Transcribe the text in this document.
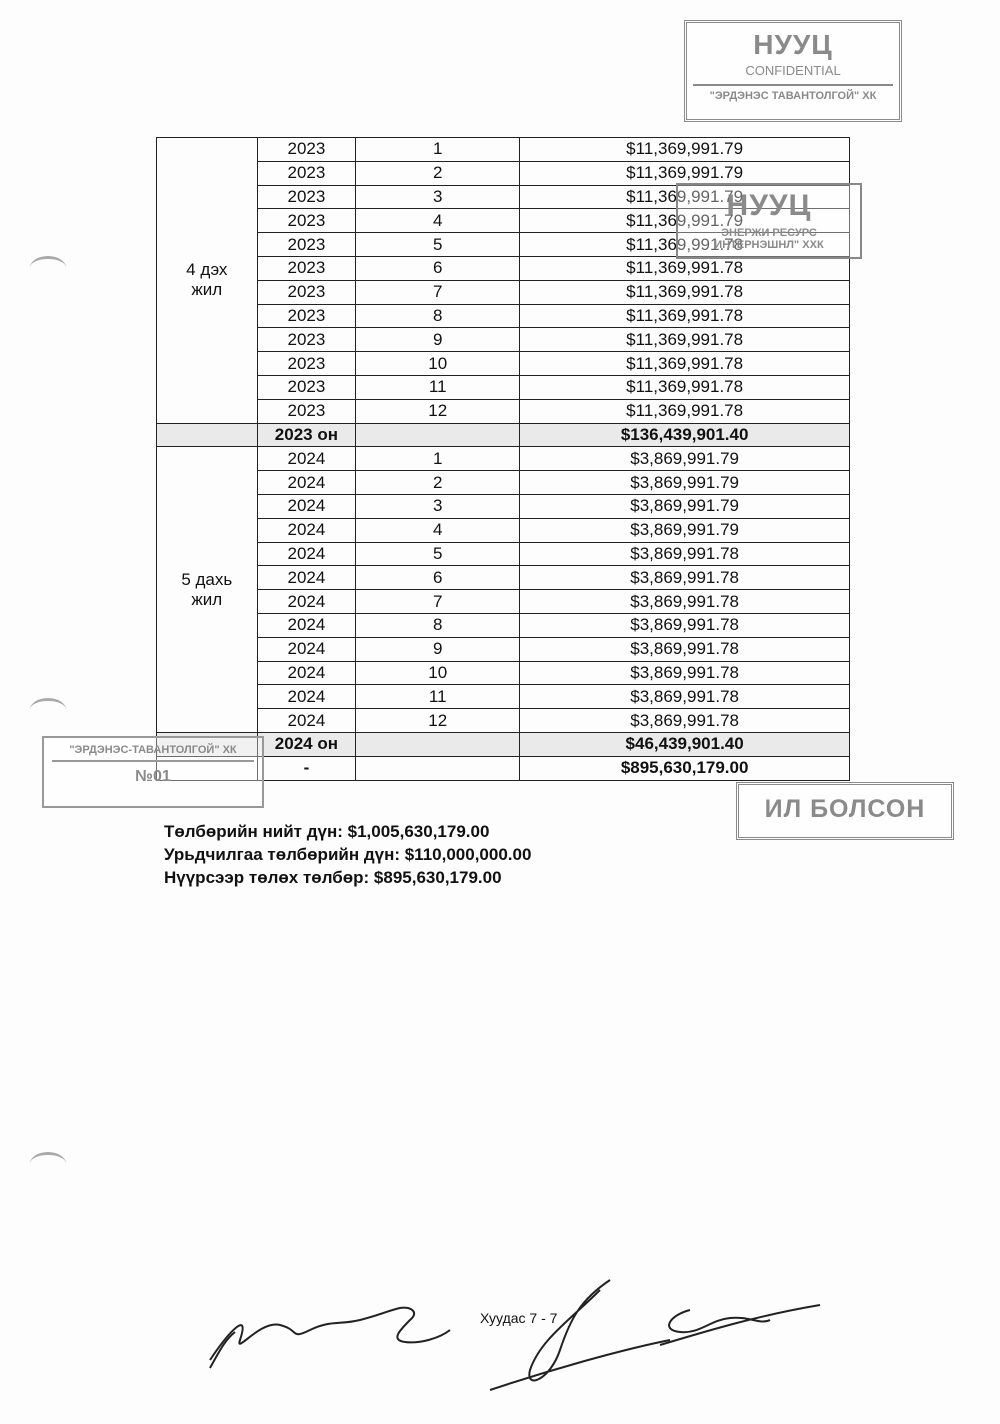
4 дэх
жил	2023	1	$11,369,991.79
	2023	2	$11,369,991.79
	2023	3	$11,369,991.79
	2023	4	$11,369,991.79
	2023	5	$11,369,991.78
	2023	6	$11,369,991.78
	2023	7	$11,369,991.78
	2023	8	$11,369,991.78
	2023	9	$11,369,991.78
	2023	10	$11,369,991.78
	2023	11	$11,369,991.78
	2023	12	$11,369,991.78
	2023 он		$136,439,901.40

5 дахь
жил	2024	1	$3,869,991.79
	2024	2	$3,869,991.79
	2024	3	$3,869,991.79
	2024	4	$3,869,991.79
	2024	5	$3,869,991.78
	2024	6	$3,869,991.78
	2024	7	$3,869,991.78
	2024	8	$3,869,991.78
	2024	9	$3,869,991.78
	2024	10	$3,869,991.78
	2024	11	$3,869,991.78
	2024	12	$3,869,991.78
	2024 он		$46,439,901.40
	-		$895,630,179.00
НУУЦ
CONFIDENTIAL
"ЭРДЭНЭС ТАВАНТОЛГОЙ" ХК
НУУЦ
ЭНЕРЖИ РЕСУРС ИНТЕРНЭШНЛ" ХХК
"ЭРДЭНЭС-ТАВАНТОЛГОЙ" ХК
№01
ИЛ БОЛСОН
Төлбөрийн нийт дүн: $1,005,630,179.00
Урьдчилгаа төлбөрийн дүн: $110,000,000.00
Нүүрсээр төлөх төлбөр: $895,630,179.00
Хуудас 7 - 7
